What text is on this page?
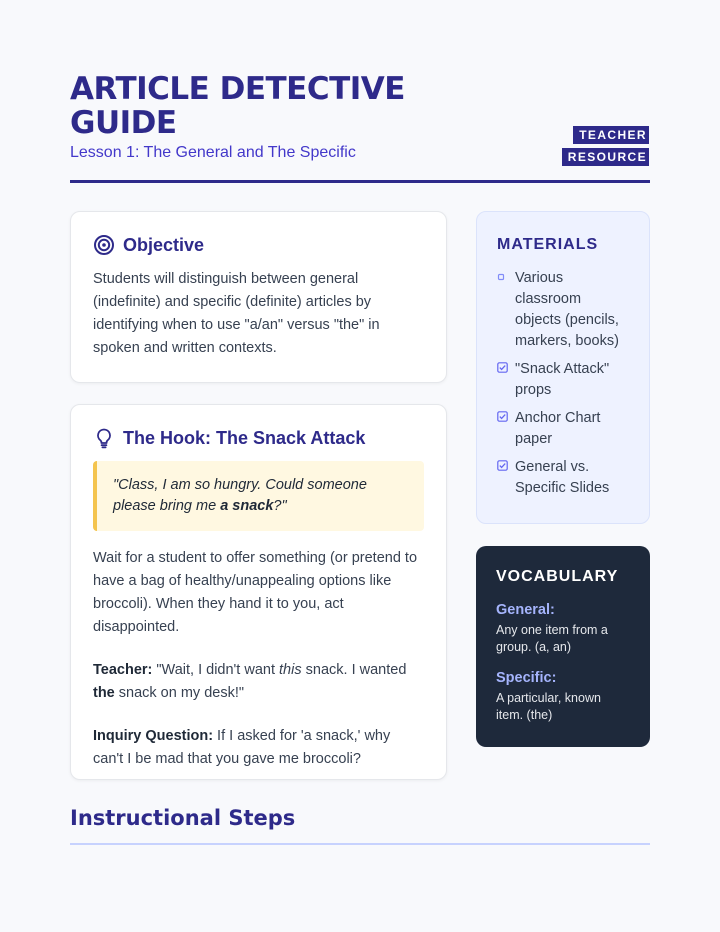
ARTICLE DETECTIVE GUIDE
Lesson 1: The General and The Specific
TEACHER RESOURCE
Objective
Students will distinguish between general (indefinite) and specific (definite) articles by identifying when to use "a/an" versus "the" in spoken and written contexts.
The Hook: The Snack Attack
"Class, I am so hungry. Could someone please bring me a snack?"

Wait for a student to offer something (or pretend to have a bag of healthy/unappealing options like broccoli). When they hand it to you, act disappointed.

Teacher: "Wait, I didn't want this snack. I wanted the snack on my desk!"

Inquiry Question: If I asked for 'a snack,' why can't I be mad that you gave me broccoli?

MATERIALS
Various classroom objects (pencils, markers, books)
"Snack Attack" props
Anchor Chart paper
General vs. Specific Slides
VOCABULARY
General:
Any one item from a group. (a, an)
Specific:
A particular, known item. (the)
Instructional Steps
